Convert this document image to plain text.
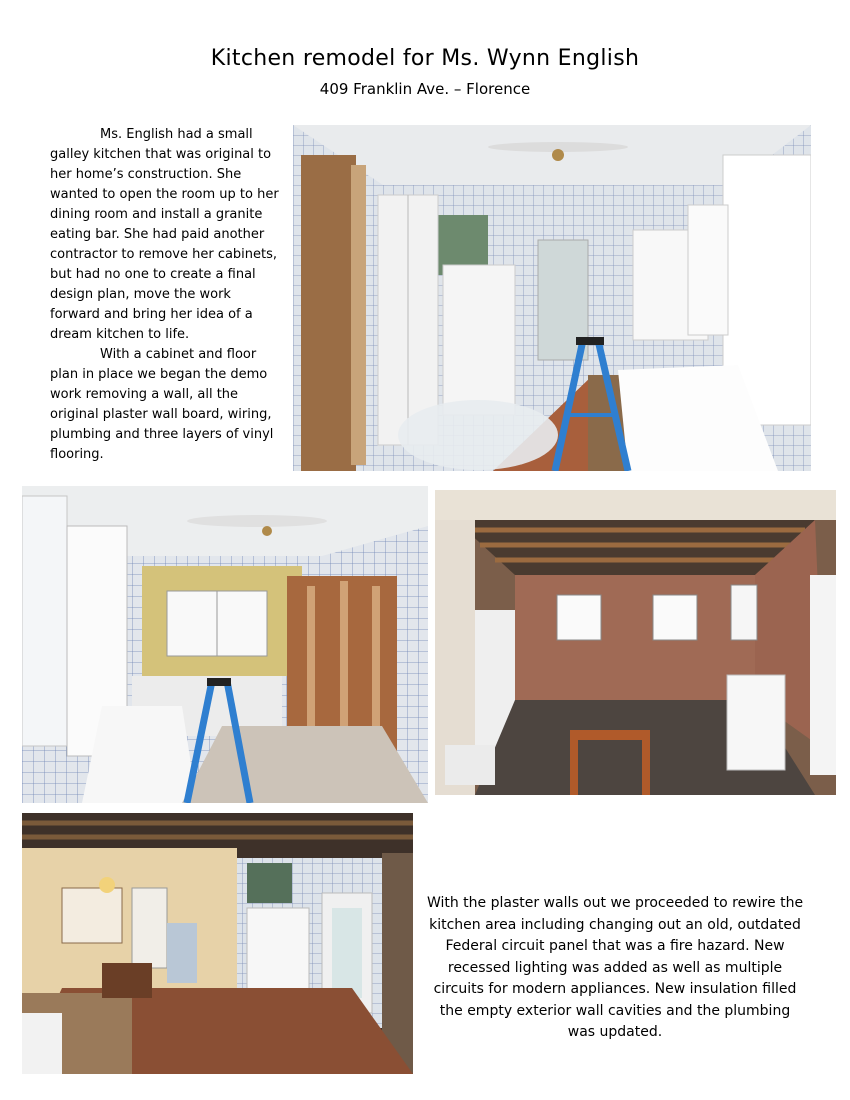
Kitchen remodel for Ms. Wynn English
409 Franklin Ave. – Florence

Ms. English had a small galley kitchen that was original to her home’s construction. She wanted to open the room up to her dining room and install a granite eating bar. She had paid another contractor to remove her cabinets, but had no one to create a final design plan, move the work forward and bring her idea of a dream kitchen to life.

With a cabinet and floor plan in place we began the demo work removing a wall, all the original plaster wall board, wiring, plumbing and three layers of vinyl flooring.

With the plaster walls out we proceeded to rewire the kitchen area including changing out an old, outdated Federal circuit panel that was a fire hazard. New recessed lighting was added as well as multiple circuits for modern appliances. New insulation filled the empty exterior wall cavities and the plumbing was updated.
